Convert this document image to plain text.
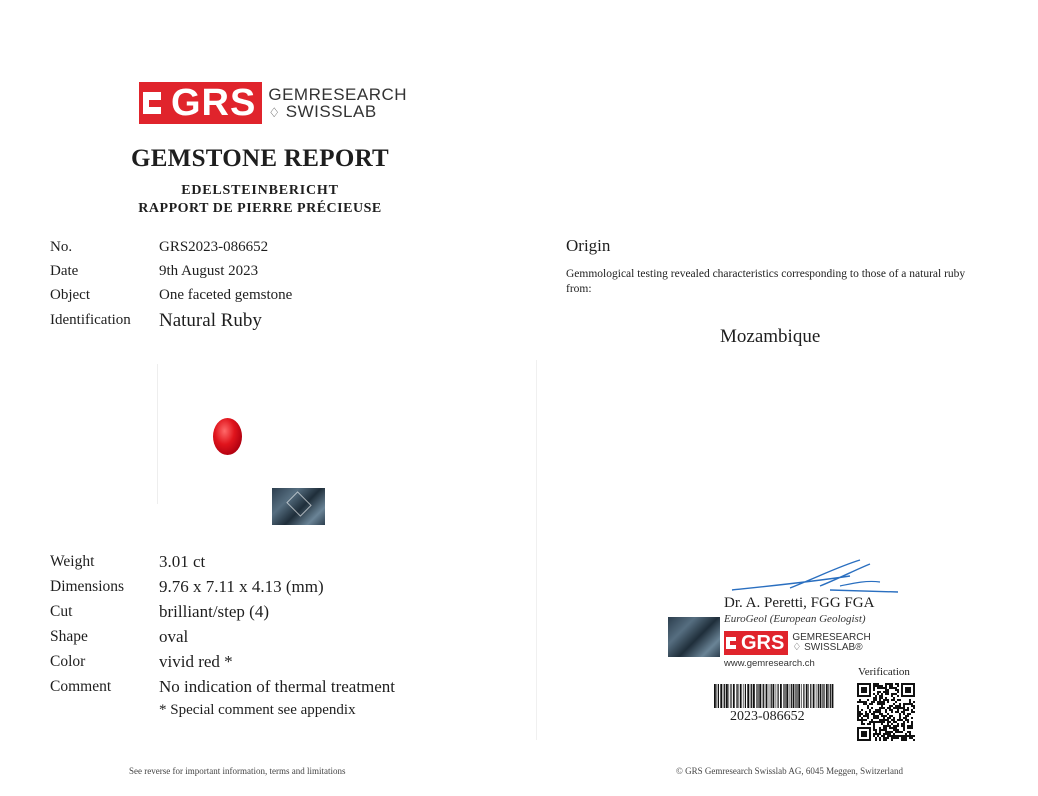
GRS GEMRESEARCH
♢ SWISSLAB
GEMSTONE REPORT
EDELSTEINBERICHT
RAPPORT DE PIERRE PRÉCIEUSE
No.	GRS2023-086652
Date	9th August 2023
Object	One faceted gemstone
Identification Natural Ruby
Weight	3.01 ct
Dimensions 9.76 x 7.11 x 4.13 (mm)
Cut	brilliant/step (4)
Shape	oval
Color	vivid red *
Comment	No indication of thermal treatment
* Special comment see appendix
Origin
Gemmological testing revealed characteristics corresponding to those of a natural ruby from:
Mozambique
Dr. A. Peretti, FGG FGA
EuroGeol (European Geologist)
GRS GEMRESEARCH
♢ SWISSLAB®
www.gemresearch.ch
Verification
2023-086652
See reverse for important information, terms and limitations	© GRS Gemresearch Swisslab AG, 6045 Meggen, Switzerland
